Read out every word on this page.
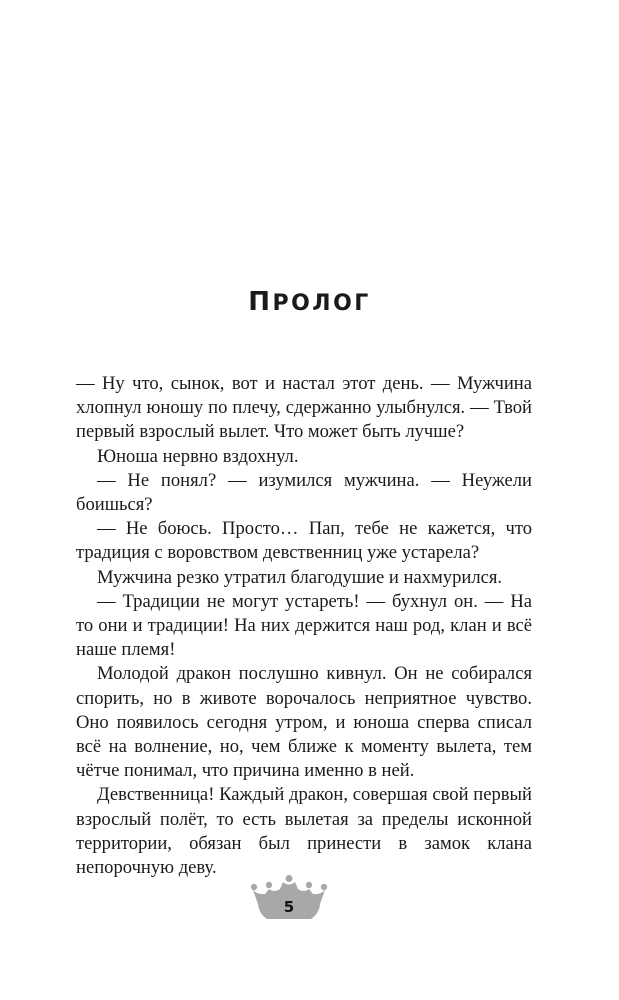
ПРОЛОГ

— Ну что, сынок, вот и настал этот день. — Мужчина хлопнул юношу по плечу, сдержанно улыбнулся. — Твой первый взрослый вылет. Что может быть лучше?

Юноша нервно вздохнул.

— Не понял? — изумился мужчина. — Неужели боишься?

— Не боюсь. Просто… Пап, тебе не кажется, что традиция с воровством девственниц уже устарела?

Мужчина резко утратил благодушие и нахмурился.

— Традиции не могут устареть! — бухнул он. — На то они и традиции! На них держится наш род, клан и всё наше племя!

Молодой дракон послушно кивнул. Он не собирался спорить, но в животе ворочалось неприятное чувство. Оно появилось сегодня утром, и юноша сперва списал всё на волнение, но, чем ближе к моменту вылета, тем чётче понимал, что причина именно в ней.

Девственница! Каждый дракон, совершая свой первый взрослый полёт, то есть вылетая за пределы исконной территории, обязан был принести в замок клана непорочную деву.

5
